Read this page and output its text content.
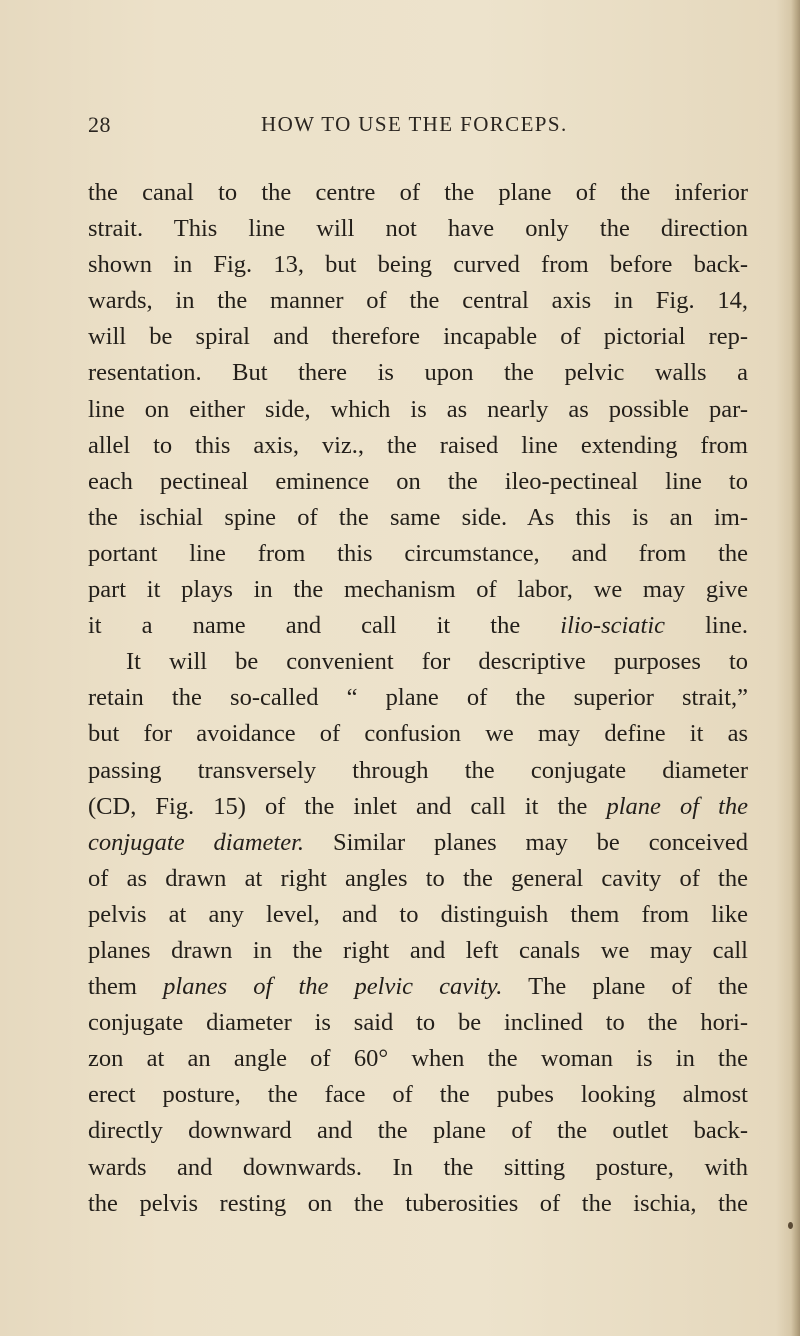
28	HOW TO USE THE FORCEPS.
the canal to the centre of the plane of the inferior
strait. This line will not have only the direction
shown in Fig. 13, but being curved from before back-
wards, in the manner of the central axis in Fig. 14,
will be spiral and therefore incapable of pictorial rep-
resentation. But there is upon the pelvic walls a
line on either side, which is as nearly as possible par-
allel to this axis, viz., the raised line extending from
each pectineal eminence on the ileo-pectineal line to
the ischial spine of the same side. As this is an im-
portant line from this circumstance, and from the
part it plays in the mechanism of labor, we may give
it a name and call it the ilio-sciatic line.
It will be convenient for descriptive purposes to
retain the so-called “ plane of the superior strait,”
but for avoidance of confusion we may define it as
passing transversely through the conjugate diameter
(CD, Fig. 15) of the inlet and call it the plane of the
conjugate diameter. Similar planes may be conceived
of as drawn at right angles to the general cavity of the
pelvis at any level, and to distinguish them from like
planes drawn in the right and left canals we may call
them planes of the pelvic cavity. The plane of the
conjugate diameter is said to be inclined to the hori-
zon at an angle of 60° when the woman is in the
erect posture, the face of the pubes looking almost
directly downward and the plane of the outlet back-
wards and downwards. In the sitting posture, with
the pelvis resting on the tuberosities of the ischia, the
